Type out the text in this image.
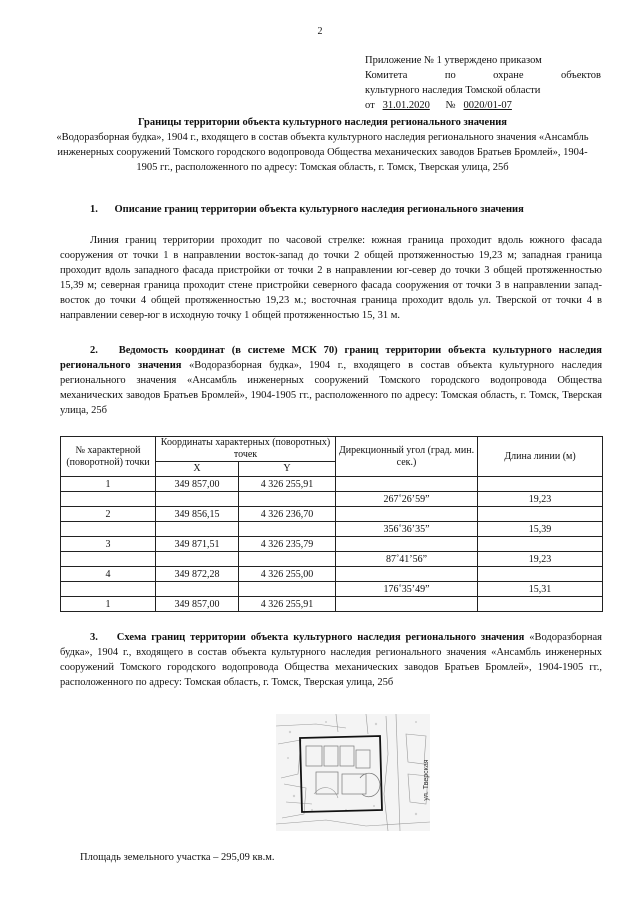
2
Приложение № 1 утверждено приказом
Комитета по охране объектов
культурного наследия Томской области
от
31.01.2020
№
0020/01-07
Границы территории объекта культурного наследия регионального значения
«Водоразборная будка», 1904 г., входящего в состав объекта культурного наследия регионального значения «Ансамбль инженерных сооружений Томского городского водопровода Общества механических заводов Братьев Бромлей», 1904-1905 гг., расположенного по адресу: Томская область, г. Томск, Тверская улица, 25б
1. Описание границ территории объекта культурного наследия регионального значения
Линия границ территории проходит по часовой стрелке: южная граница проходит вдоль южного фасада сооружения от точки 1 в направлении восток-запад до точки 2 общей протяженностью 19,23 м; западная граница проходит вдоль западного фасада пристройки от точки 2 в направлении юг-север до точки 3 общей протяженностью 15,39 м; северная граница проходит стене пристройки северного фасада сооружения от точки 3 в направлении запад-восток до точки 4 общей протяженностью 19,23 м.; восточная граница проходит вдоль ул. Тверской от точки 4 в направлении север-юг в исходную точку 1 общей протяженностью 15, 31 м.
2. Ведомость координат (в системе МСК 70) границ территории объекта культурного наследия регионального значения «Водоразборная будка», 1904 г., входящего в состав объекта культурного наследия регионального значения «Ансамбль инженерных сооружений Томского городского водопровода Общества механических заводов Братьев Бромлей», 1904-1905 гг., расположенного по адресу: Томская область, г. Томск, Тверская улица, 25б
№ характерной (поворотной) точки	Координаты характерных (поворотных) точек		Дирекционный угол (град. мин. сек.)	Длина линии (м)
	X	Y		
1	349 857,00	4 326 255,91		
			267˚26’59”	19,23
2	349 856,15	4 326 236,70		
			356˚36’35”	15,39
3	349 871,51	4 326 235,79		
			87˚41’56”	19,23
4	349 872,28	4 326 255,00		
			176˚35’49”	15,31
1	349 857,00	4 326 255,91		
3. Схема границ территории объекта культурного наследия регионального значения «Водоразборная будка», 1904 г., входящего в состав объекта культурного наследия регионального значения «Ансамбль инженерных сооружений Томского городского водопровода Общества механических заводов Братьев Бромлей», 1904-1905 гг., расположенного по адресу: Томская область, г. Томск, Тверская улица, 25б
ул. Тверская
Площадь земельного участка – 295,09 кв.м.
